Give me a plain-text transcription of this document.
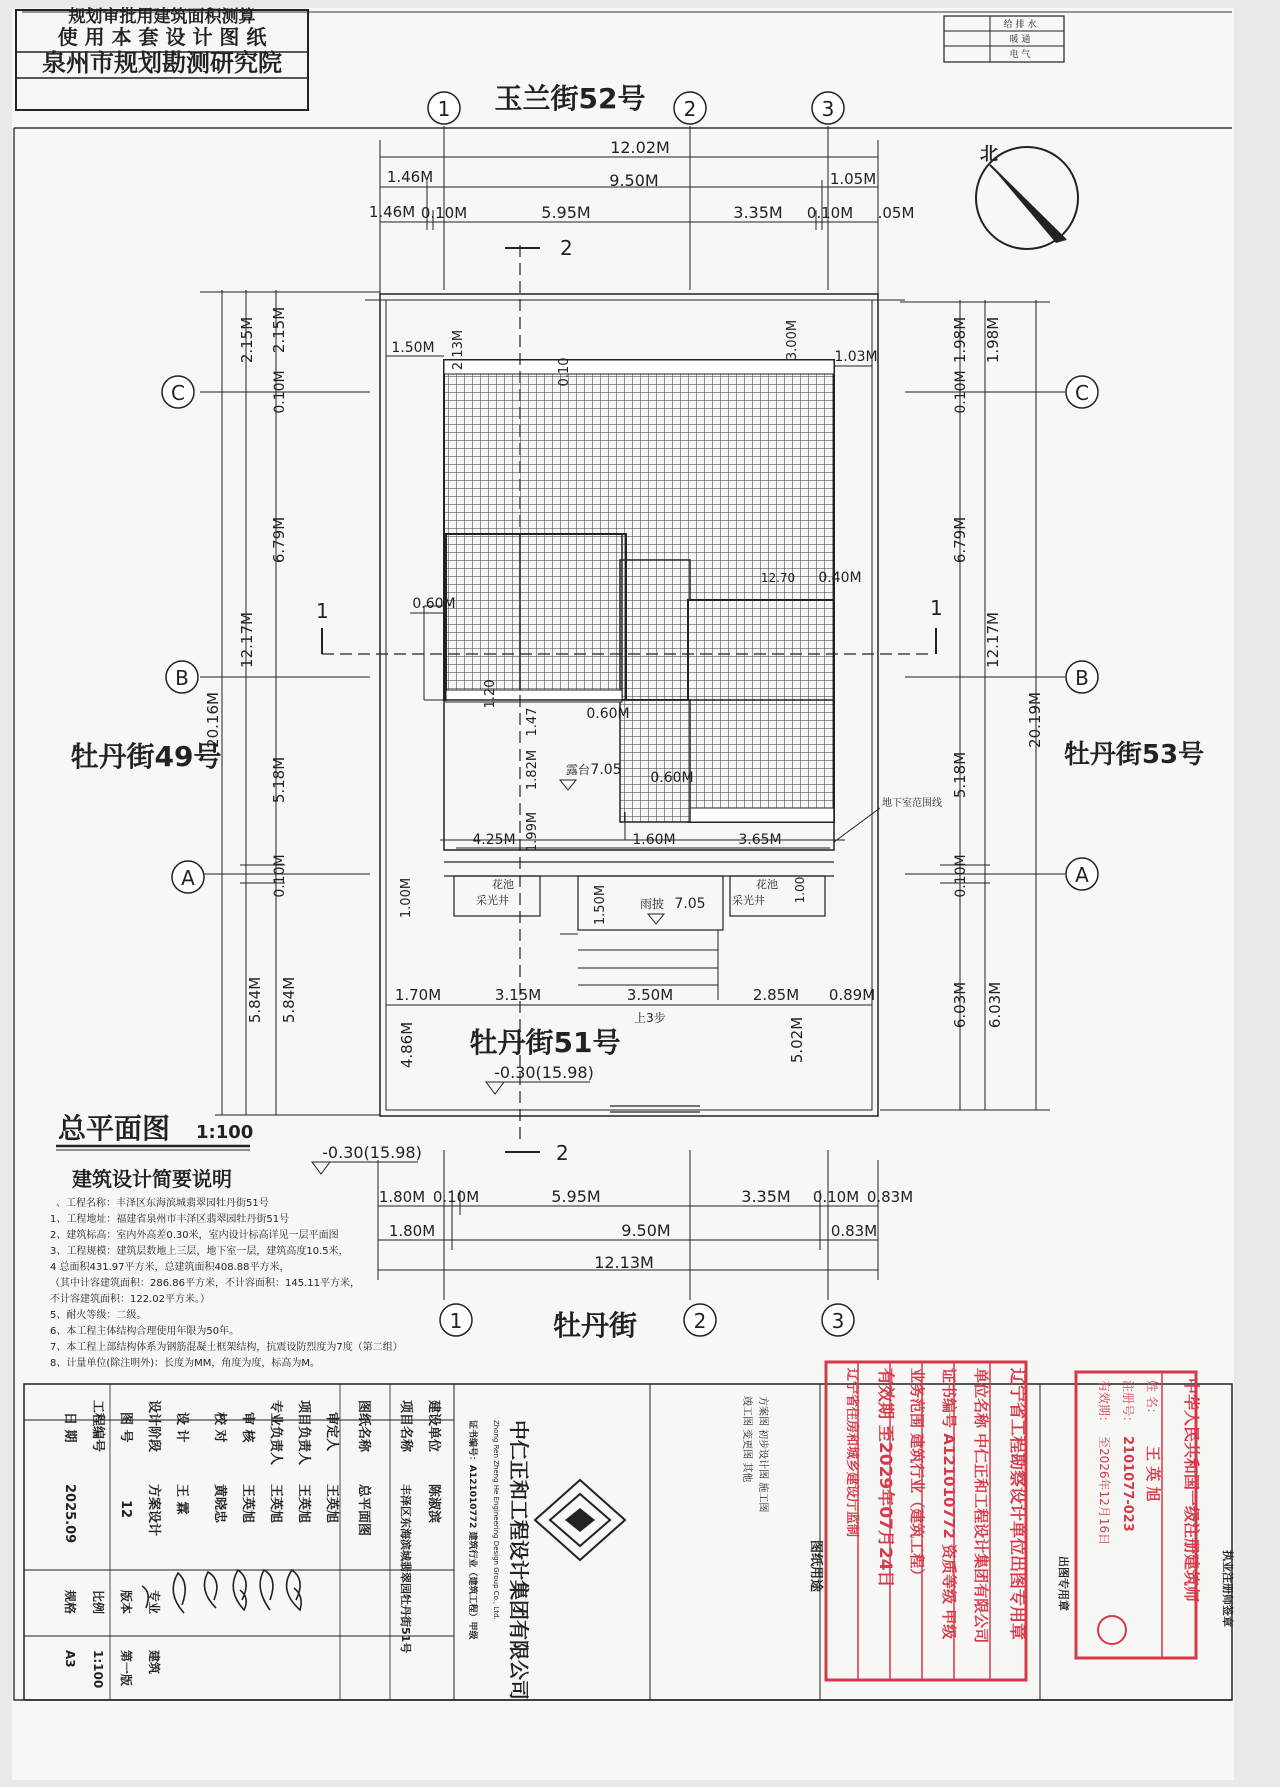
规划审批用建筑面积测算
使 用 本 套 设 计 图 纸
泉州市规划勘测研究院
给 排 水
暖 通
电 气
玉兰街52号
牡丹街49号	牡丹街53号
牡丹街51号
牡丹街
北
1	2	3
1	2	3
C
B
A
C
B
A
12.02M
1.46M	9.50M	1.05M
1.46M 0.10M	5.95M	3.35M 0.10M .05M
2.15M 2.15M
0.10M
6.79M
12.17M
20.16M
5.18M
0.10M
5.84M 5.84M
1.98M 1.98M
0.10M
6.79M
12.17M
20.19M
5.18M
0.10M
6.03M 6.03M
地下室范围线
2
2
1	1
1.50M 2.13M
0.10
3.00M 1.03M
0.60M
12.70 0.40M
1.20
1.47	0.60M
0.60M
1.82M
1.99M
4.25M	1.60M	3.65M
1.00M	1.50M	1.00
1.70M	3.15M	3.50M	2.85M 0.89M
4.86M	5.02M
露台 7.05
雨披 7.05
花池	花池
采光井	采光井
上3步
-0.30(15.98)
-0.30(15.98)
1.80M 0.10M	5.95M	3.35M 0.10M 0.83M
1.80M	9.50M	0.83M
12.13M
总平面图 1:100
建筑设计简要说明
、工程名称：丰泽区东海滨城翡翠园牡丹街51号
1、工程地址：福建省泉州市丰泽区翡翠园牡丹街51号
2、建筑标高：室内外高差0.30米，室内设计标高详见一层平面图
3、工程规模：建筑层数地上三层，地下室一层，建筑高度10.5米，
4 总面积431.97平方米，总建筑面积408.88平方米，
（其中计容建筑面积：286.86平方米，不计容面积：145.11平方米，
不计容建筑面积：122.02平方米。）
5、耐火等级：二级。
6、本工程主体结构合理使用年限为50年。
7、本工程上部结构体系为钢筋混凝土框架结构，抗震设防烈度为7度（第二组）
8、计量单位(除注明外)：长度为MM，角度为度，标高为M。
审定人
王英旭
项目负责人
王英旭
专业负责人
王英旭
审 核
王英旭
校 对
黄晓忠
设 计
王 霖
设计阶段
方案设计
图 号
12
工程编号
日 期
2025.09
专业
建筑
版本
第一版
比例
1:100
规格
A3
建设单位
陈淑滨
项目名称
丰泽区东海滨城翡翠园牡丹街51号
图纸名称
总平面图	中仁正和工程设计集团有限公司
Zhong Ren Zheng He Engineering Design Group Co., Ltd.
证书编号：A121010772 建筑行业（建筑工程）甲级	图纸用途
方案图 初步设计图 施工图
竣工图 变更图 其他	辽宁省工程勘察设计单位出图专用章
单位名称 中仁正和工程设计集团有限公司
证书编号 A121010772 资质等级 甲级
业务范围 建筑行业（建筑工程）
有效期 至2029年07月24日
辽宁省住房和城乡建设厅监制
出图专用章	执业注册师签章
中华人民共和国一级注册建筑师
姓 名：
王 英 旭
注册号：
2101077-023
有效期：
至2026年12月16日
